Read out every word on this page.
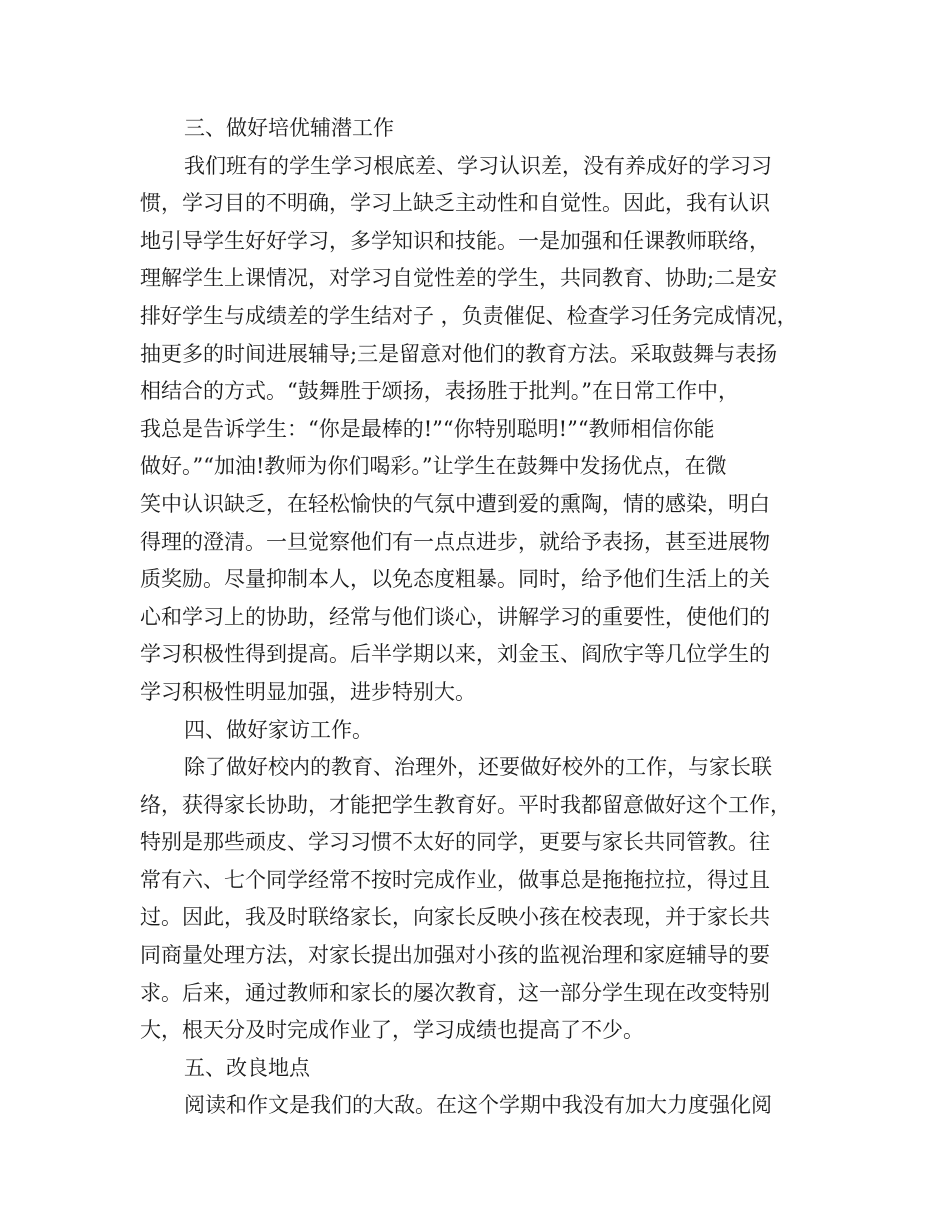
三、做好培优辅潜工作
我们班有的学生学习根底差、学习认识差，没有养成好的学习习
惯，学习目的不明确，学习上缺乏主动性和自觉性。因此，我有认识
地引导学生好好学习，多学知识和技能。一是加强和任课教师联络，
理解学生上课情况，对学习自觉性差的学生，共同教育、协助;二是安
排好学生与成绩差的学生结对子 ，负责催促、检查学习任务完成情况，
抽更多的时间进展辅导;三是留意对他们的教育方法。采取鼓舞与表扬
相结合的方式。“鼓舞胜于颂扬，表扬胜于批判。”在日常工作中，
我总是告诉学生：“你是最棒的!”“你特别聪明!”“教师相信你能
做好。”“加油!教师为你们喝彩。”让学生在鼓舞中发扬优点，在微
笑中认识缺乏，在轻松愉快的气氛中遭到爱的熏陶，情的感染，明白
得理的澄清。一旦觉察他们有一点点进步，就给予表扬，甚至进展物
质奖励。尽量抑制本人，以免态度粗暴。同时，给予他们生活上的关
心和学习上的协助，经常与他们谈心，讲解学习的重要性，使他们的
学习积极性得到提高。后半学期以来，刘金玉、阎欣宇等几位学生的
学习积极性明显加强，进步特别大。
四、做好家访工作。
除了做好校内的教育、治理外，还要做好校外的工作，与家长联
络，获得家长协助，才能把学生教育好。平时我都留意做好这个工作，
特别是那些顽皮、学习习惯不太好的同学，更要与家长共同管教。往
常有六、七个同学经常不按时完成作业，做事总是拖拖拉拉，得过且
过。因此，我及时联络家长，向家长反映小孩在校表现，并于家长共
同商量处理方法，对家长提出加强对小孩的监视治理和家庭辅导的要
求。后来，通过教师和家长的屡次教育，这一部分学生现在改变特别
大，根天分及时完成作业了，学习成绩也提高了不少。
五、改良地点
阅读和作文是我们的大敌。在这个学期中我没有加大力度强化阅
